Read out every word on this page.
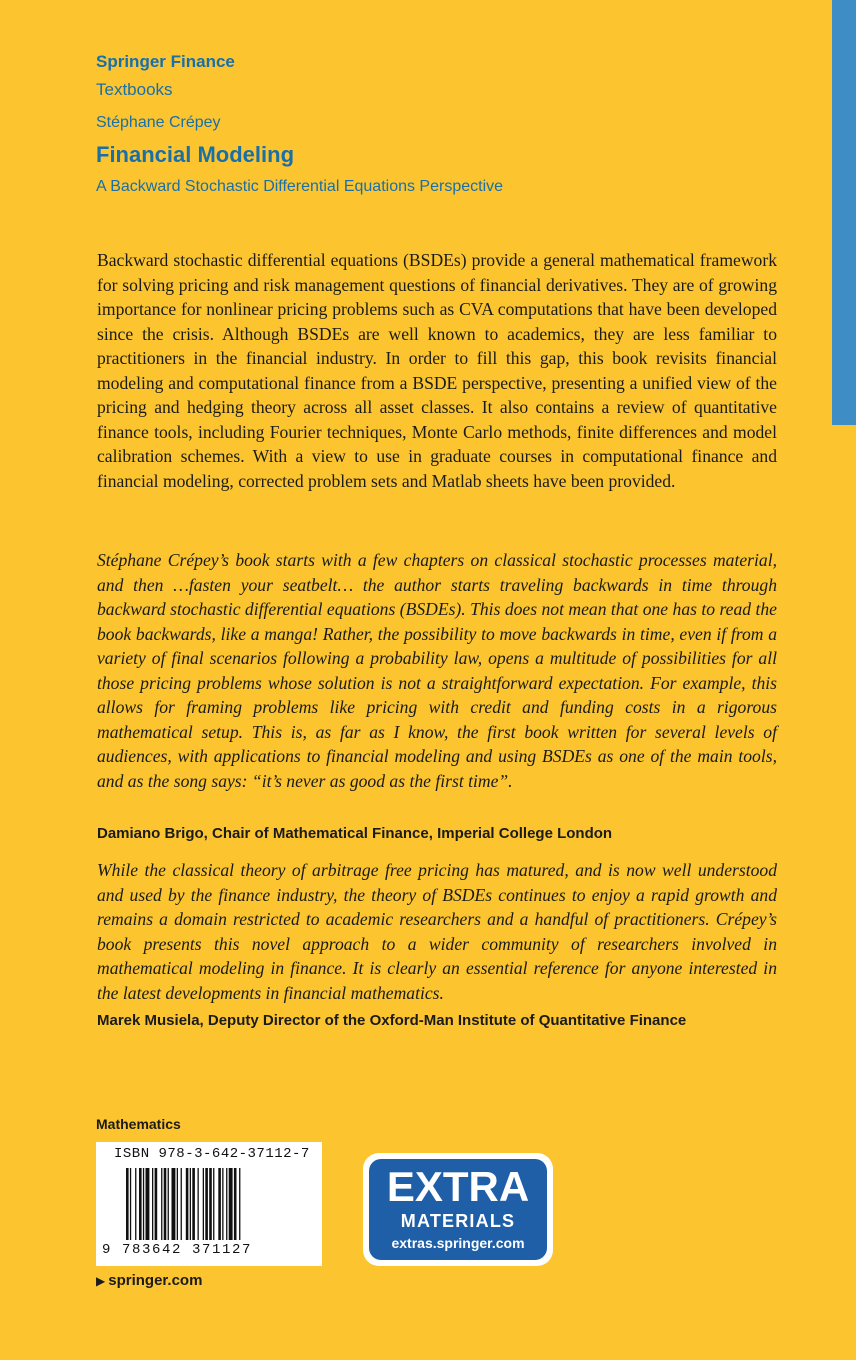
Springer Finance
Textbooks
Stéphane Crépey
Financial Modeling
A Backward Stochastic Differential Equations Perspective

Backward stochastic differential equations (BSDEs) provide a general mathematical framework for solving pricing and risk management questions of financial derivatives. They are of growing importance for nonlinear pricing problems such as CVA computations that have been developed since the crisis. Although BSDEs are well known to academics, they are less familiar to practitioners in the financial industry. In order to fill this gap, this book revisits financial modeling and computational finance from a BSDE perspective, presenting a unified view of the pricing and hedging theory across all asset classes. It also contains a review of quantitative finance tools, including Fourier techniques, Monte Carlo methods, finite differences and model calibration schemes. With a view to use in graduate courses in computational finance and financial modeling, corrected problem sets and Matlab sheets have been provided.

Stéphane Crépey’s book starts with a few chapters on classical stochastic processes material, and then …fasten your seatbelt… the author starts traveling backwards in time through backward stochastic differential equations (BSDEs). This does not mean that one has to read the book backwards, like a manga! Rather, the possibility to move backwards in time, even if from a variety of final scenarios following a probability law, opens a multitude of possibilities for all those pricing problems whose solution is not a straightforward expectation. For example, this allows for framing problems like pricing with credit and funding costs in a rigorous mathematical setup. This is, as far as I know, the first book written for several levels of audiences, with applications to financial modeling and using BSDEs as one of the main tools, and as the song says: “it’s never as good as the first time”.

Damiano Brigo, Chair of Mathematical Finance, Imperial College London

While the classical theory of arbitrage free pricing has matured, and is now well understood and used by the finance industry, the theory of BSDEs continues to enjoy a rapid growth and remains a domain restricted to academic researchers and a handful of practitioners. Crépey’s book presents this novel approach to a wider community of researchers involved in mathematical modeling in finance. It is clearly an essential reference for anyone interested in the latest developments in financial mathematics.

Marek Musiela, Deputy Director of the Oxford-Man Institute of Quantitative Finance
Mathematics
ISBN 978-3-642-37112-7
9 783642 371127
▶ springer.com
EXTRA
MATERIALS
extras.springer.com
